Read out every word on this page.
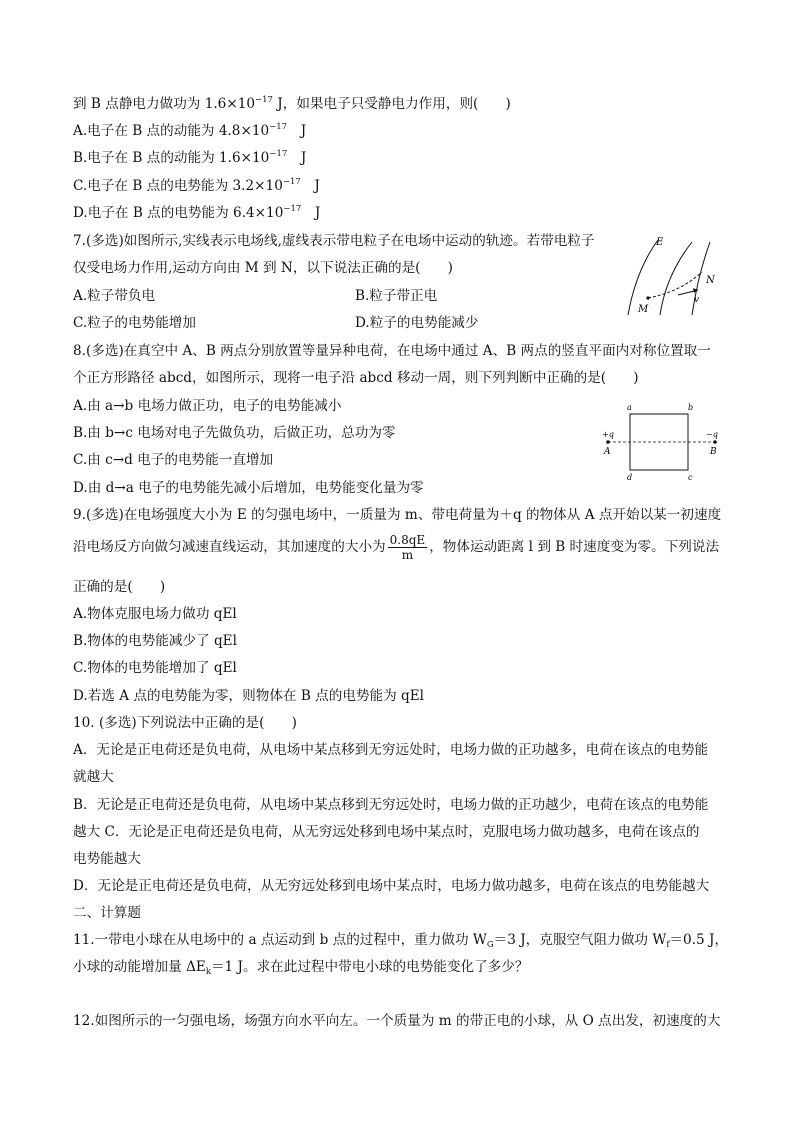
到 B 点静电力做功为 $1.6\times 10^{-17}$ J，如果电子只受静电力作用，则(　　)
A.电子在 B 点的动能为 $4.8\times 10^{-17}$　J
B.电子在 B 点的动能为 $1.6\times 10^{-17}$　J
C.电子在 B 点的电势能为 $3.2\times 10^{-17}$　J
D.电子在 B 点的电势能为 $6.4\times 10^{-17}$　J
7.(多选)如图所示,实线表示电场线,虚线表示带电粒子在电场中运动的轨迹。若带电粒子
仅受电场力作用,运动方向由 M 到 N，以下说法正确的是(　　)
A.粒子带负电	B.粒子带正电
C.粒子的电势能增加	D.粒子的电势能减少
E
N
M
v
8.(多选)在真空中 A、B 两点分别放置等量异种电荷，在电场中通过 A、B 两点的竖直平面内对称位置取一
个正方形路径 abcd，如图所示，现将一电子沿 abcd 移动一周，则下列判断中正确的是(　　)
A.由 a→b 电场力做正功，电子的电势能减小
B.由 b→c 电场对电子先做负功，后做正功，总功为零
C.由 c→d 电子的电势能一直增加
D.由 d→a 电子的电势能先减小后增加，电势能变化量为零
a	b
c
d
+q	−q
A	B
9.(多选)在电场强度大小为 E 的匀强电场中，一质量为 m、带电荷量为＋q 的物体从 A 点开始以某一初速度
沿电场反方向做匀减速直线运动，其加速度的大小为 $\frac{0.8qE}{m}$ ，物体运动距离 l 到 B 时速度变为零。下列说法
正确的是(　　)
A.物体克服电场力做功 qEl
B.物体的电势能减少了 qEl
C.物体的电势能增加了 qEl
D.若选 A 点的电势能为零，则物体在 B 点的电势能为 qEl
10. (多选)下列说法中正确的是(　　)
A．无论是正电荷还是负电荷，从电场中某点移到无穷远处时，电场力做的正功越多，电荷在该点的电势能
就越大
B．无论是正电荷还是负电荷，从电场中某点移到无穷远处时，电场力做的正功越少，电荷在该点的电势能
越大 C．无论是正电荷还是负电荷，从无穷远处移到电场中某点时，克服电场力做功越多，电荷在该点的
电势能越大
D．无论是正电荷还是负电荷，从无穷远处移到电场中某点时，电场力做功越多，电荷在该点的电势能越大
二、计算题
11.一带电小球在从电场中的 a 点运动到 b 点的过程中，重力做功 $W_G=3$ J，克服空气阻力做功 $W_f=0.5$ J，
小球的动能增加量 $\Delta E_k=1$ J。求在此过程中带电小球的电势能变化了多少？
12.如图所示的一匀强电场，场强方向水平向左。一个质量为 m 的带正电的小球，从 O 点出发，初速度的大
